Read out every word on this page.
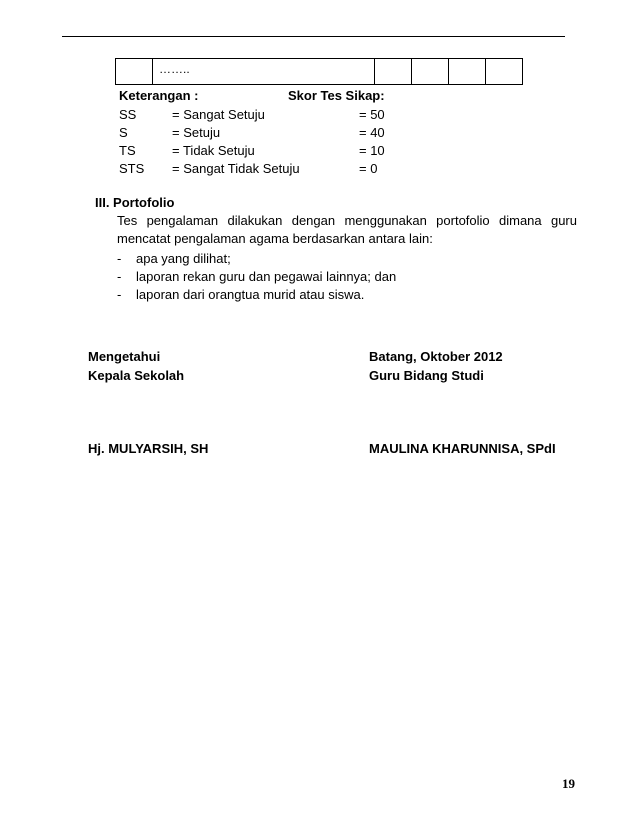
……..
Keterangan :	Skor Tes Sikap:
SS	= Sangat Setuju	= 50
S	= Setuju	= 40
TS	= Tidak Setuju	= 10
STS = Sangat Tidak Setuju	= 0
III. Portofolio
Tes pengalaman dilakukan dengan menggunakan portofolio dimana guru mencatat pengalaman agama berdasarkan antara lain:
- apa yang dilihat;
- laporan rekan guru dan pegawai lainnya; dan
- laporan dari orangtua murid atau siswa.
Mengetahui
Kepala Sekolah
Hj. MULYARSIH, SH
Batang, Oktober 2012
Guru Bidang Studi
MAULINA KHARUNNISA, SPdI
19
